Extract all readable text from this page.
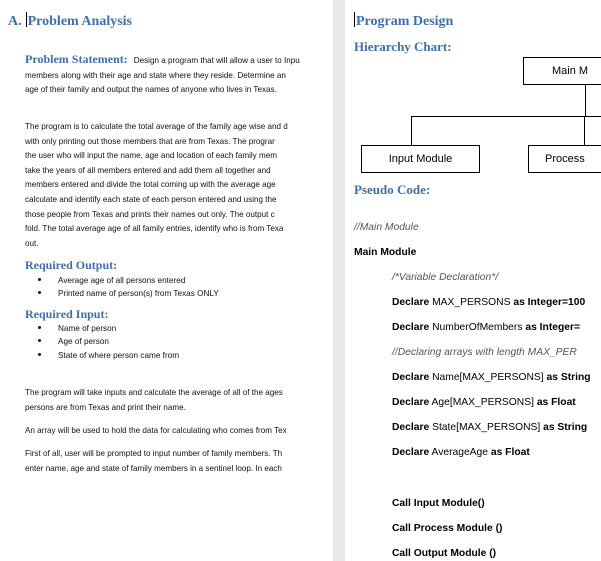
A. Problem Analysis
Problem Statement: Design a program that will allow a user to Inpu
members along with their age and state where they reside. Determine an
age of their family and output the names of anyone who lives in Texas.
The program is to calculate the total average of the family age wise and d
with only printing out those members that are from Texas. The prograr
the user who will input the name, age and location of each family mem
take the years of all members entered and add them all together and
members entered and divide the total coming up with the average age
calculate and identify each state of each person entered and using the
those people from Texas and prints their names out only. The output c
fold. The total average age of all family entries, identify who is from Texa
out.
Required Output:
Average age of all persons entered
Printed name of person(s) from Texas ONLY
Required Input:
Name of person
Age of person
State of where person came from
The program will take inputs and calculate the average of all of the ages
persons are from Texas and print their name.
An array will be used to hold the data for calculating who comes from Tex
First of all, user will be prompted to input number of family members. Th
enter name, age and state of family members in a sentinel loop. In each
Program Design
Hierarchy Chart:
Main M
Input Module	Process
Pseudo Code:
//Main Module
Main Module
/*Variable Declaration*/
Declare MAX_PERSONS as Integer=100
Declare NumberOfMembers as Integer=
//Declaring arrays with length MAX_PER
Declare Name[MAX_PERSONS] as String
Declare Age[MAX_PERSONS] as Float
Declare State[MAX_PERSONS] as String
Declare AverageAge as Float
Call Input Module()
Call Process Module ()
Call Output Module ()
